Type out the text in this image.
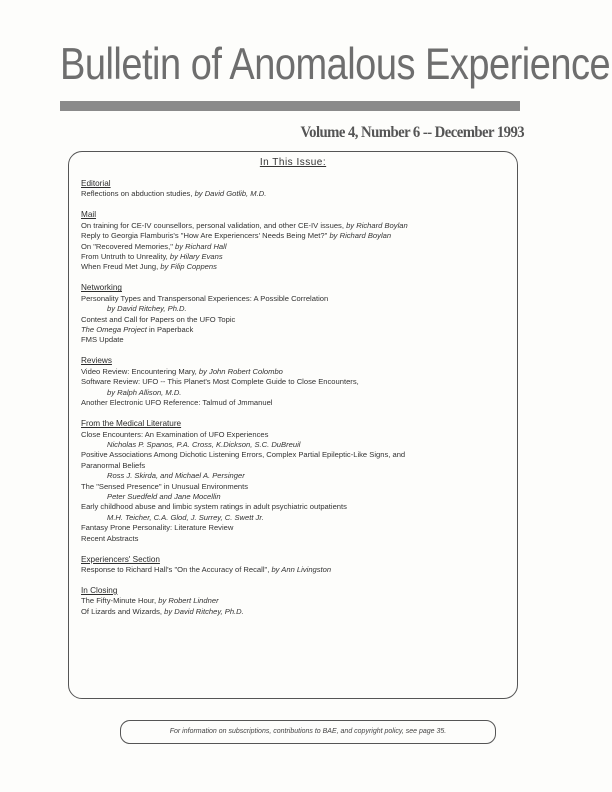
Bulletin of Anomalous Experience
Volume 4, Number 6 -- December 1993
In This Issue:
Editorial
Reflections on abduction studies, by David Gotlib, M.D.
Mail
On training for CE-IV counsellors, personal validation, and other CE-IV issues, by Richard Boylan
Reply to Georgia Flamburis's "How Are Experiencers' Needs Being Met?" by Richard Boylan
On "Recovered Memories," by Richard Hall
From Untruth to Unreality, by Hilary Evans
When Freud Met Jung, by Filip Coppens
Networking
Personality Types and Transpersonal Experiences: A Possible Correlation
by David Ritchey, Ph.D.
Contest and Call for Papers on the UFO Topic
The Omega Project in Paperback
FMS Update
Reviews
Video Review: Encountering Mary, by John Robert Colombo
Software Review: UFO -- This Planet's Most Complete Guide to Close Encounters,
by Ralph Allison, M.D.
Another Electronic UFO Reference: Talmud of Jmmanuel
From the Medical Literature
Close Encounters: An Examination of UFO Experiences
Nicholas P. Spanos, P.A. Cross, K.Dickson, S.C. DuBreuil
Positive Associations Among Dichotic Listening Errors, Complex Partial Epileptic-Like Signs, and
Paranormal Beliefs
Ross J. Skirda, and Michael A. Persinger
The "Sensed Presence" in Unusual Environments
Peter Suedfeld and Jane Mocellin
Early childhood abuse and limbic system ratings in adult psychiatric outpatients
M.H. Teicher, C.A. Glod, J. Surrey, C. Swett Jr.
Fantasy Prone Personality: Literature Review
Recent Abstracts
Experiencers' Section
Response to Richard Hall's "On the Accuracy of Recall", by Ann Livingston
In Closing
The Fifty-Minute Hour, by Robert Lindner
Of Lizards and Wizards, by David Ritchey, Ph.D.
For information on subscriptions, contributions to BAE, and copyright policy, see page 35.
